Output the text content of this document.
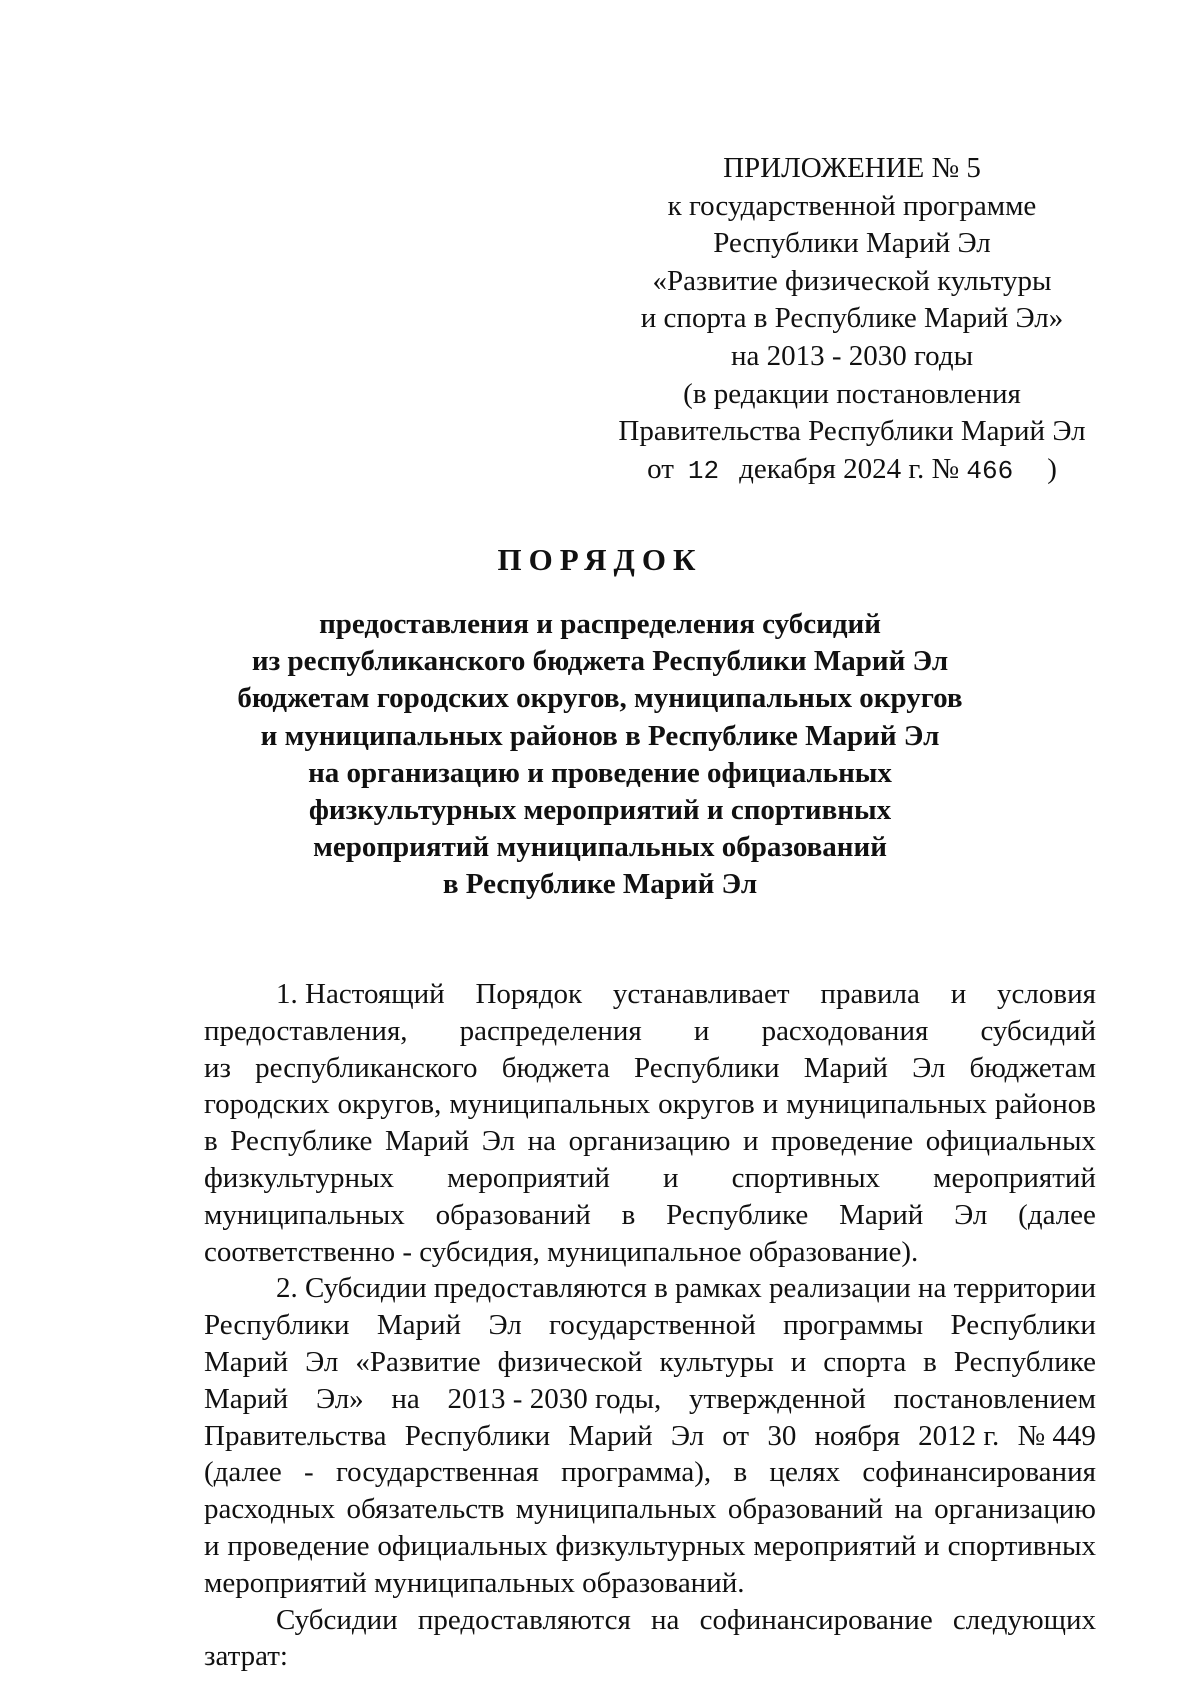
ПРИЛОЖЕНИЕ № 5
к государственной программе
Республики Марий Эл
«Развитие физической культуры
и спорта в Республике Марий Эл»
на 2013 - 2030 годы
(в редакции постановления
Правительства Республики Марий Эл
от 12 декабря 2024 г. № 466 )
ПОРЯДОК
предоставления и распределения субсидий
из республиканского бюджета Республики Марий Эл
бюджетам городских округов, муниципальных округов
и муниципальных районов в Республике Марий Эл
на организацию и проведение официальных
физкультурных мероприятий и спортивных
мероприятий муниципальных образований
в Республике Марий Эл
1. Настоящий Порядок устанавливает правила и условия
предоставления, распределения и расходования субсидий
из республиканского бюджета Республики Марий Эл бюджетам
городских округов, муниципальных округов и муниципальных районов
в Республике Марий Эл на организацию и проведение официальных
физкультурных мероприятий и спортивных мероприятий
муниципальных образований в Республике Марий Эл (далее
соответственно - субсидия, муниципальное образование).
2. Субсидии предоставляются в рамках реализации на территории
Республики Марий Эл государственной программы Республики
Марий Эл «Развитие физической культуры и спорта в Республике
Марий Эл» на 2013 - 2030 годы, утвержденной постановлением
Правительства Республики Марий Эл от 30 ноября 2012 г. № 449
(далее - государственная программа), в целях софинансирования
расходных обязательств муниципальных образований на организацию
и проведение официальных физкультурных мероприятий и спортивных
мероприятий муниципальных образований.
Субсидии предоставляются на софинансирование следующих
затрат:
